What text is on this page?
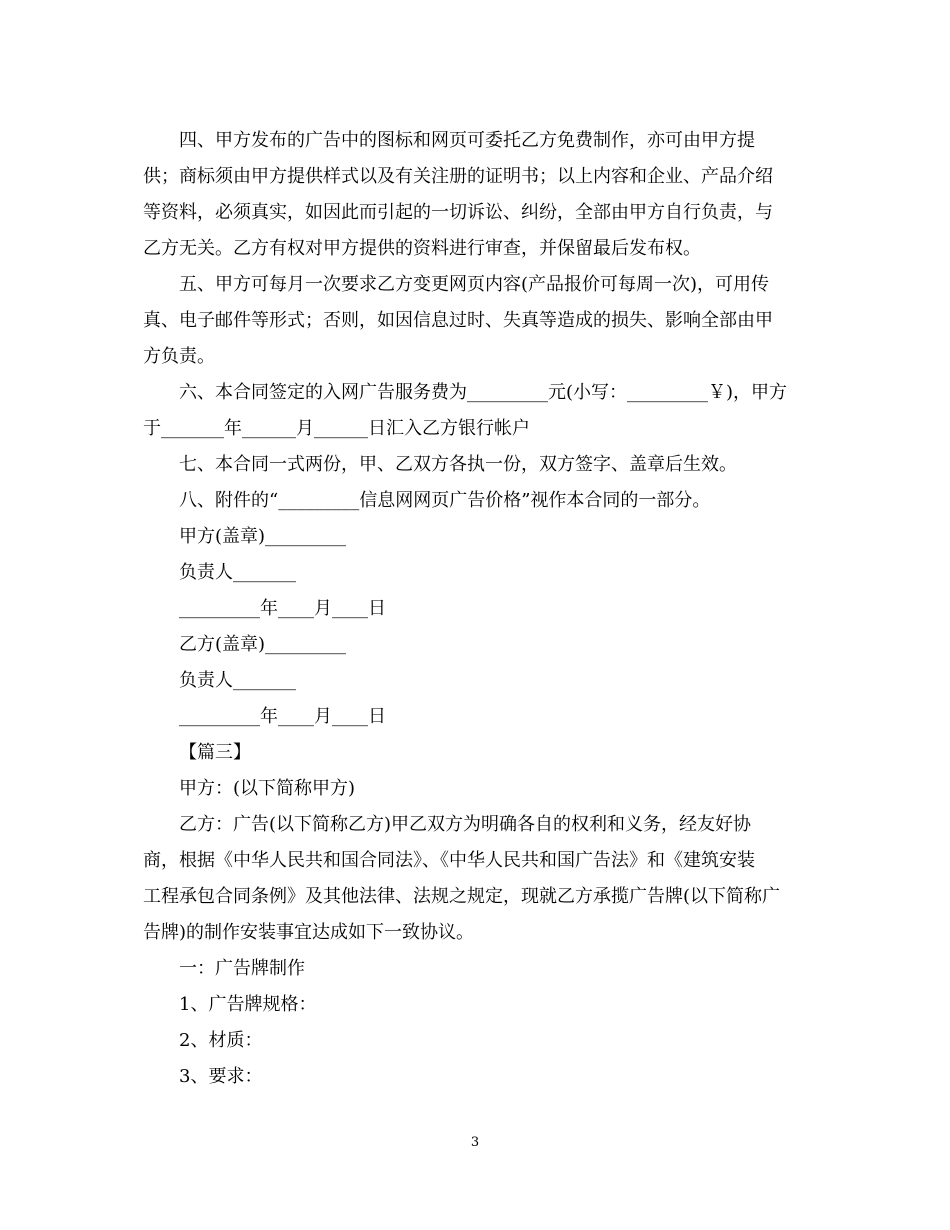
四、甲方发布的广告中的图标和网页可委托乙方免费制作，亦可由甲方提
供；商标须由甲方提供样式以及有关注册的证明书；以上内容和企业、产品介绍
等资料，必须真实，如因此而引起的一切诉讼、纠纷，全部由甲方自行负责，与
乙方无关。乙方有权对甲方提供的资料进行审查，并保留最后发布权。

五、甲方可每月一次要求乙方变更网页内容(产品报价可每周一次)，可用传
真、电子邮件等形式；否则，如因信息过时、失真等造成的损失、影响全部由甲
方负责。

六、本合同签定的入网广告服务费为_________元(小写：_________￥)，甲方
于_______年______月______日汇入乙方银行帐户

七、本合同一式两份，甲、乙双方各执一份，双方签字、盖章后生效。

八、附件的“_________信息网网页广告价格”视作本合同的一部分。

甲方(盖章)_________

负责人_______

_________年____月____日

乙方(盖章)_________

负责人_______

_________年____月____日

【篇三】

甲方：(以下简称甲方)

乙方：广告(以下简称乙方)甲乙双方为明确各自的权利和义务，经友好协
商，根据《中华人民共和国合同法》、《中华人民共和国广告法》和《建筑安装
工程承包合同条例》及其他法律、法规之规定，现就乙方承揽广告牌(以下简称广
告牌)的制作安装事宜达成如下一致协议。

一：广告牌制作

1、广告牌规格：

2、材质：

3、要求：

3
